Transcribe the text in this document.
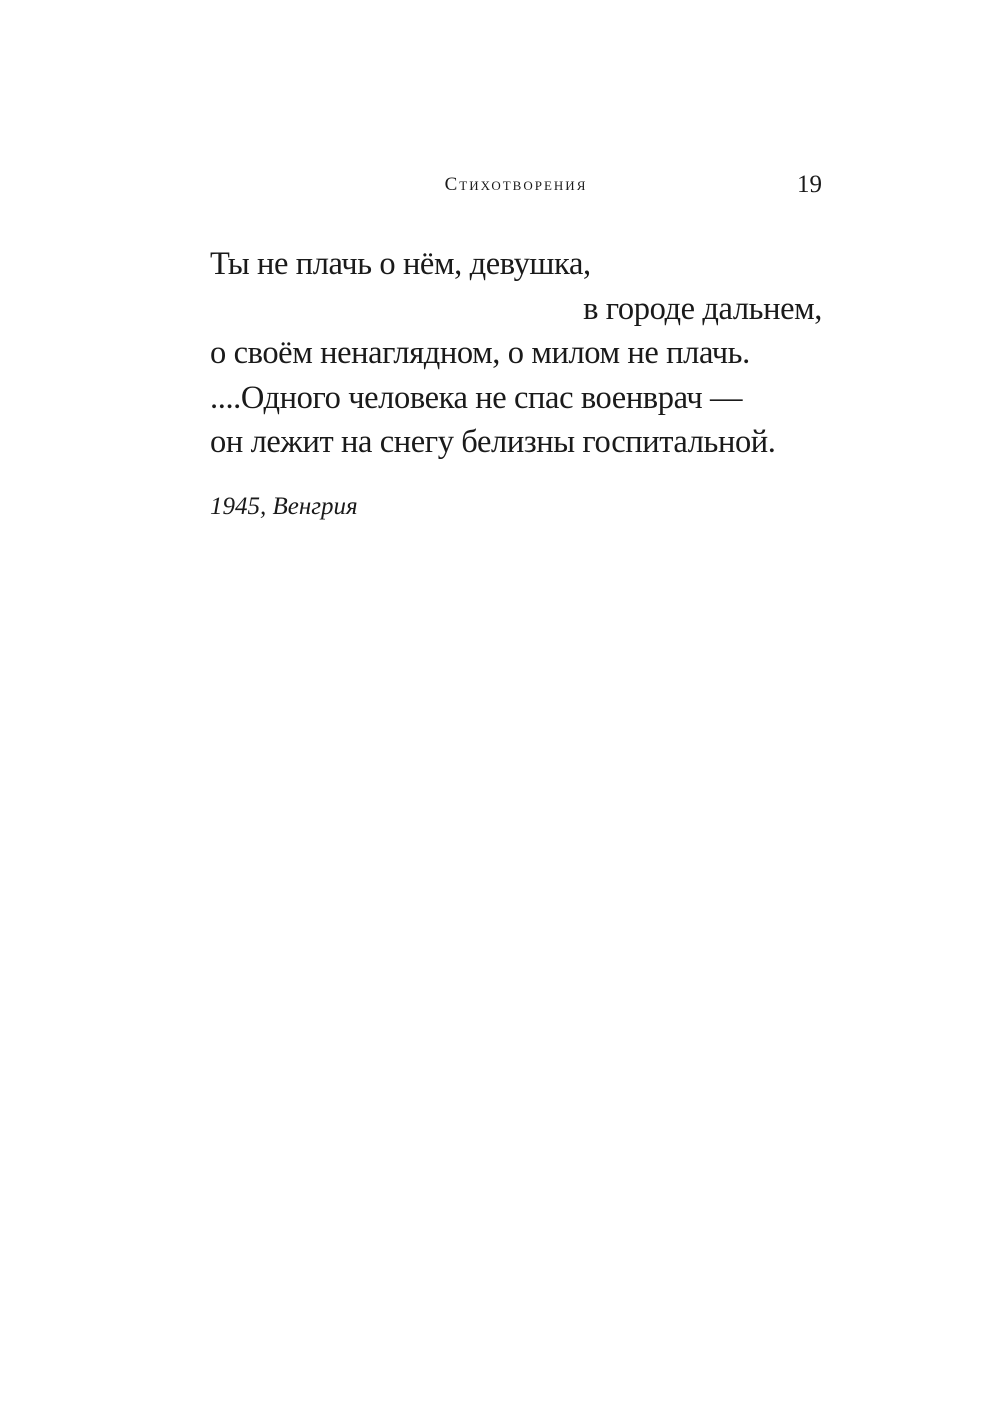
Стихотворения	19
Ты не плачь о нём, девушка,
в городе дальнем,
о своём ненаглядном, о милом не плачь.
....Одного человека не спас военврач —
он лежит на снегу белизны госпитальной.
1945, Венгрия
